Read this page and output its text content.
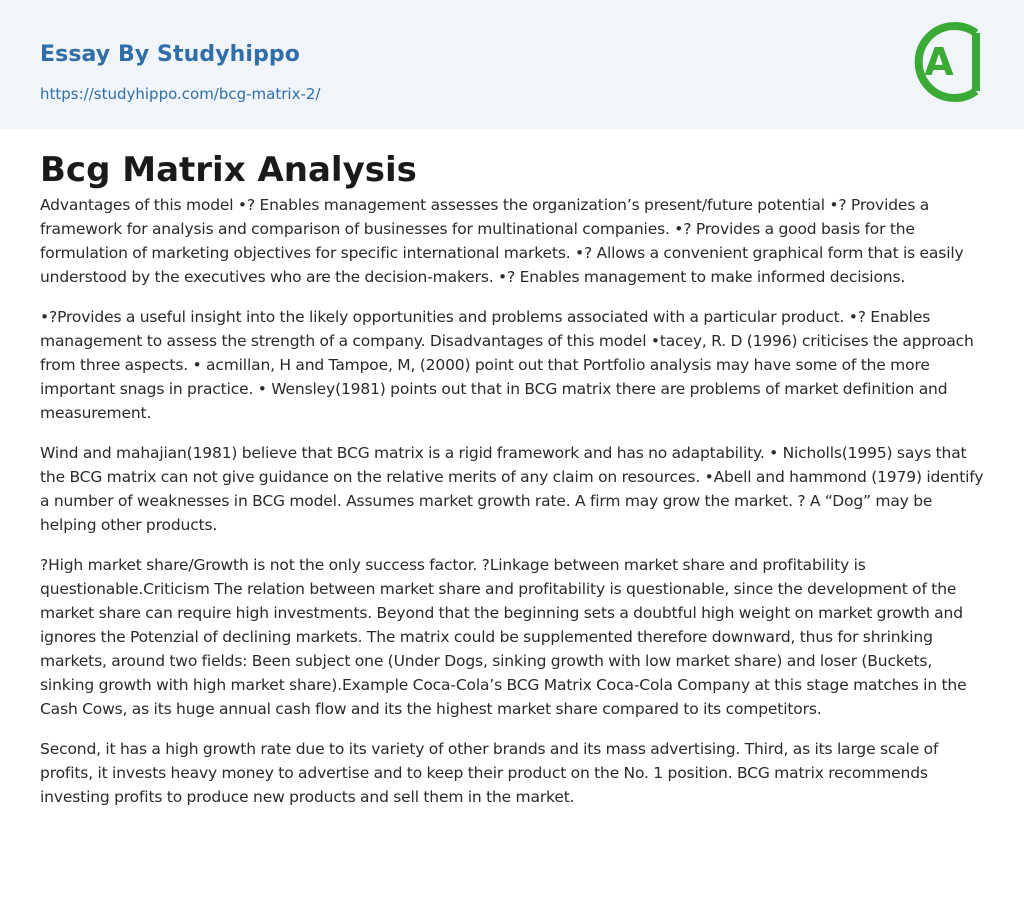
Essay By Studyhippo
https://studyhippo.com/bcg-matrix-2/
A
Bcg Matrix Analysis

Advantages of this model •? Enables management assesses the organization’s present/future potential •? Provides a framework for analysis and comparison of businesses for multinational companies. •? Provides a good basis for the formulation of marketing objectives for specific international markets. •? Allows a convenient graphical form that is easily understood by the executives who are the decision-makers. •? Enables management to make informed decisions.

•?Provides a useful insight into the likely opportunities and problems associated with a particular product. •? Enables management to assess the strength of a company. Disadvantages of this model •tacey, R. D (1996) criticises the approach from three aspects. • acmillan, H and Tampoe, M, (2000) point out that Portfolio analysis may have some of the more important snags in practice. • Wensley(1981) points out that in BCG matrix there are problems of market definition and measurement.

Wind and mahajian(1981) believe that BCG matrix is a rigid framework and has no adaptability. • Nicholls(1995) says that the BCG matrix can not give guidance on the relative merits of any claim on resources. •Abell and hammond (1979) identify a number of weaknesses in BCG model. Assumes market growth rate. A firm may grow the market. ? A “Dog” may be helping other products.

?High market share/Growth is not the only success factor. ?Linkage between market share and profitability is questionable.Criticism The relation between market share and profitability is questionable, since the development of the market share can require high investments. Beyond that the beginning sets a doubtful high weight on market growth and ignores the Potenzial of declining markets. The matrix could be supplemented therefore downward, thus for shrinking markets, around two fields: Been subject one (Under Dogs, sinking growth with low market share) and loser (Buckets, sinking growth with high market share).Example Coca-Cola’s BCG Matrix Coca-Cola Company at this stage matches in the Cash Cows, as its huge annual cash flow and its the highest market share compared to its competitors.

Second, it has a high growth rate due to its variety of other brands and its mass advertising. Third, as its large scale of profits, it invests heavy money to advertise and to keep their product on the No. 1 position. BCG matrix recommends investing profits to produce new products and sell them in the market.
